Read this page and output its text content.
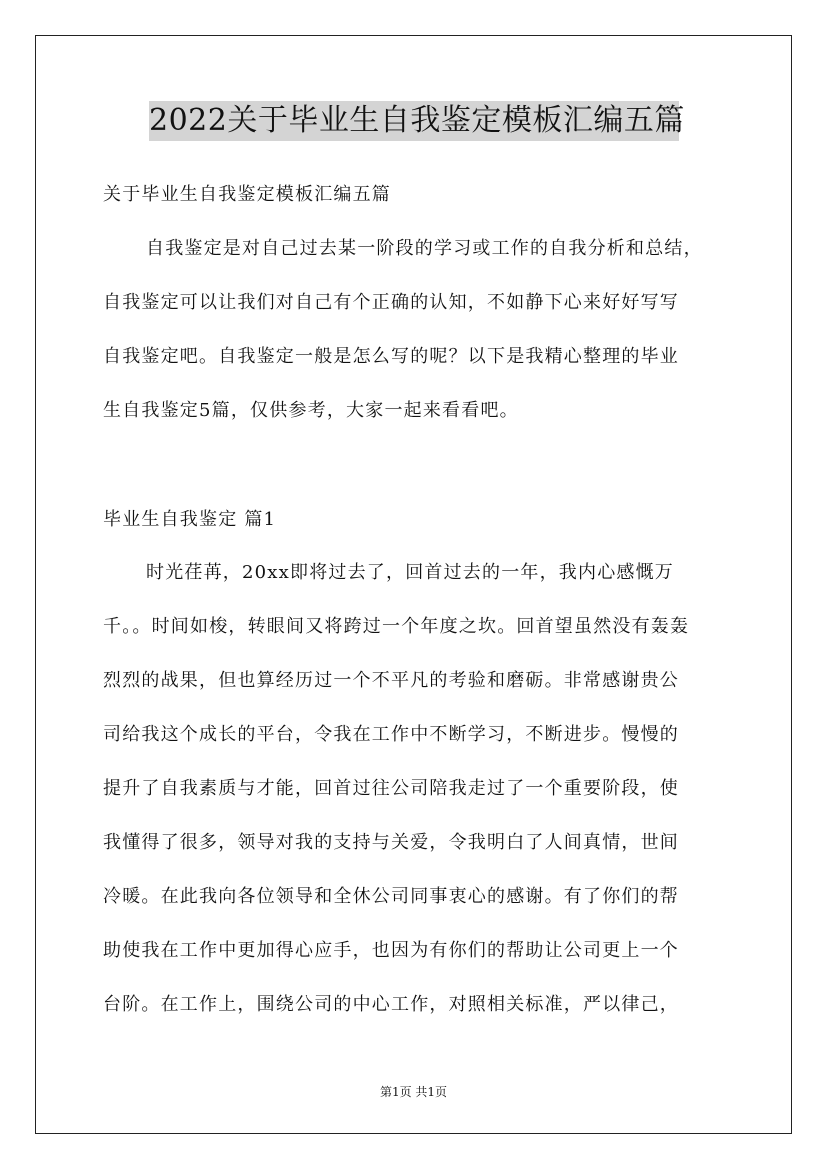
2022关于毕业生自我鉴定模板汇编五篇
关于毕业生自我鉴定模板汇编五篇
自我鉴定是对自己过去某一阶段的学习或工作的自我分析和总结，
自我鉴定可以让我们对自己有个正确的认知，不如静下心来好好写写
自我鉴定吧。自我鉴定一般是怎么写的呢？以下是我精心整理的毕业
生自我鉴定5篇，仅供参考，大家一起来看看吧。
毕业生自我鉴定 篇1
时光荏苒，20xx即将过去了，回首过去的一年，我内心感慨万
千。。时间如梭，转眼间又将跨过一个年度之坎。回首望虽然没有轰轰
烈烈的战果，但也算经历过一个不平凡的考验和磨砺。非常感谢贵公
司给我这个成长的平台，令我在工作中不断学习，不断进步。慢慢的
提升了自我素质与才能，回首过往公司陪我走过了一个重要阶段，使
我懂得了很多，领导对我的支持与关爱，令我明白了人间真情，世间
冷暖。在此我向各位领导和全休公司同事衷心的感谢。有了你们的帮
助使我在工作中更加得心应手，也因为有你们的帮助让公司更上一个
台阶。在工作上，围绕公司的中心工作，对照相关标准，严以律己，
第1页 共1页
